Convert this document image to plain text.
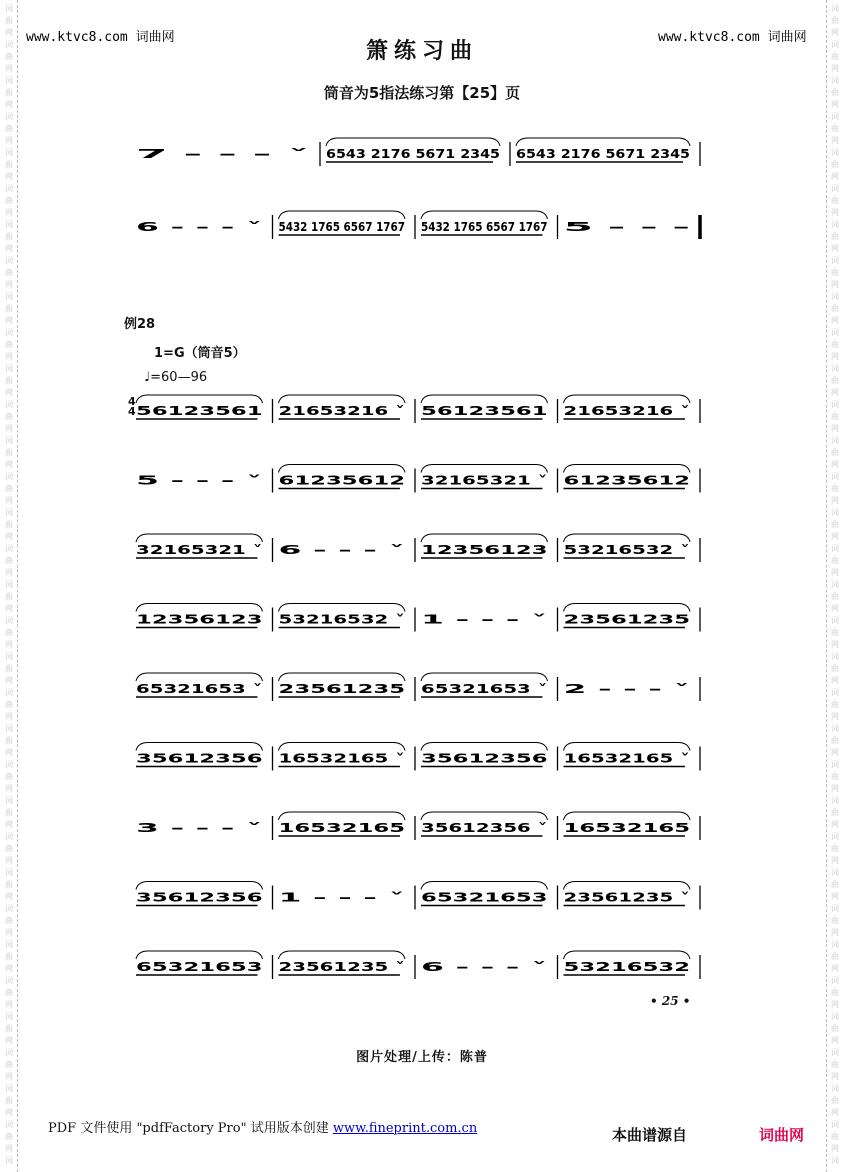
词
曲
网
词
曲
网
词
曲
网
词
曲
网
词
曲
网
词
曲
网
词
曲
网
词
曲
网
词
曲
网
词
曲
网
词
曲
网
词
曲
网
词
曲
网
词
曲
网
词
曲
网
词
曲
网
词
曲
网
词
曲
网
词
曲
网
词
曲
网
词
曲
网
词
曲
网
词
曲
网
词
曲
网
词
曲
网
词
曲
网
词
曲
网
词
曲
网
词
曲
网
词
曲
网
词
曲
网
词
曲
网
词
词
曲
网
词
曲
网
词
曲
网
词
曲
网
词
曲
网
词
曲
网
词
曲
网
词
曲
网
词
曲
网
词
曲
网
词
曲
网
词
曲
网
词
曲
网
词
曲
网
词
曲
网
词
曲
网
词
曲
网
词
曲
网
词
曲
网
词
曲
网
词
曲
网
词
曲
网
词
曲
网
词
曲
网
词
曲
网
词
曲
网
词
曲
网
词
曲
网
词
曲
网
词
曲
网
词
曲
网
词
曲
网
词
www.ktvc8.com 词曲网	www.ktvc8.com 词曲网
箫练习曲
筒音为5指法练习第【25】页
例28
1=G（筒音5）
♩=60—96
4
4
7 - - - ˅ 6543 2176 5671 2345 6543 2176 5671 2345
6 - - - ˅ 5432 1765 6567 1767 5432 1765 6567 1767 5 - - -
56123561 21653216 ˅ 56123561 21653216 ˅
5 - - - ˅ 61235612 32165321 ˅ 61235612
32165321 ˅ 6 - - - ˅ 12356123 53216532 ˅
12356123 53216532 ˅ 1 - - - ˅ 23561235
65321653 ˅ 23561235 65321653 ˅ 2 - - - ˅
35612356 16532165 ˅ 35612356 16532165 ˅
3 - - - ˅ 16532165 35612356 ˅ 16532165
35612356 1 - - - ˅ 65321653 23561235 ˅
65321653 23561235 ˅ 6 - - - ˅ 53216532
• 25 •
图片处理/上传：陈普
PDF 文件使用 "pdfFactory Pro" 试用版本创建 www.fineprint.com.cn	本曲谱源自	词曲网
